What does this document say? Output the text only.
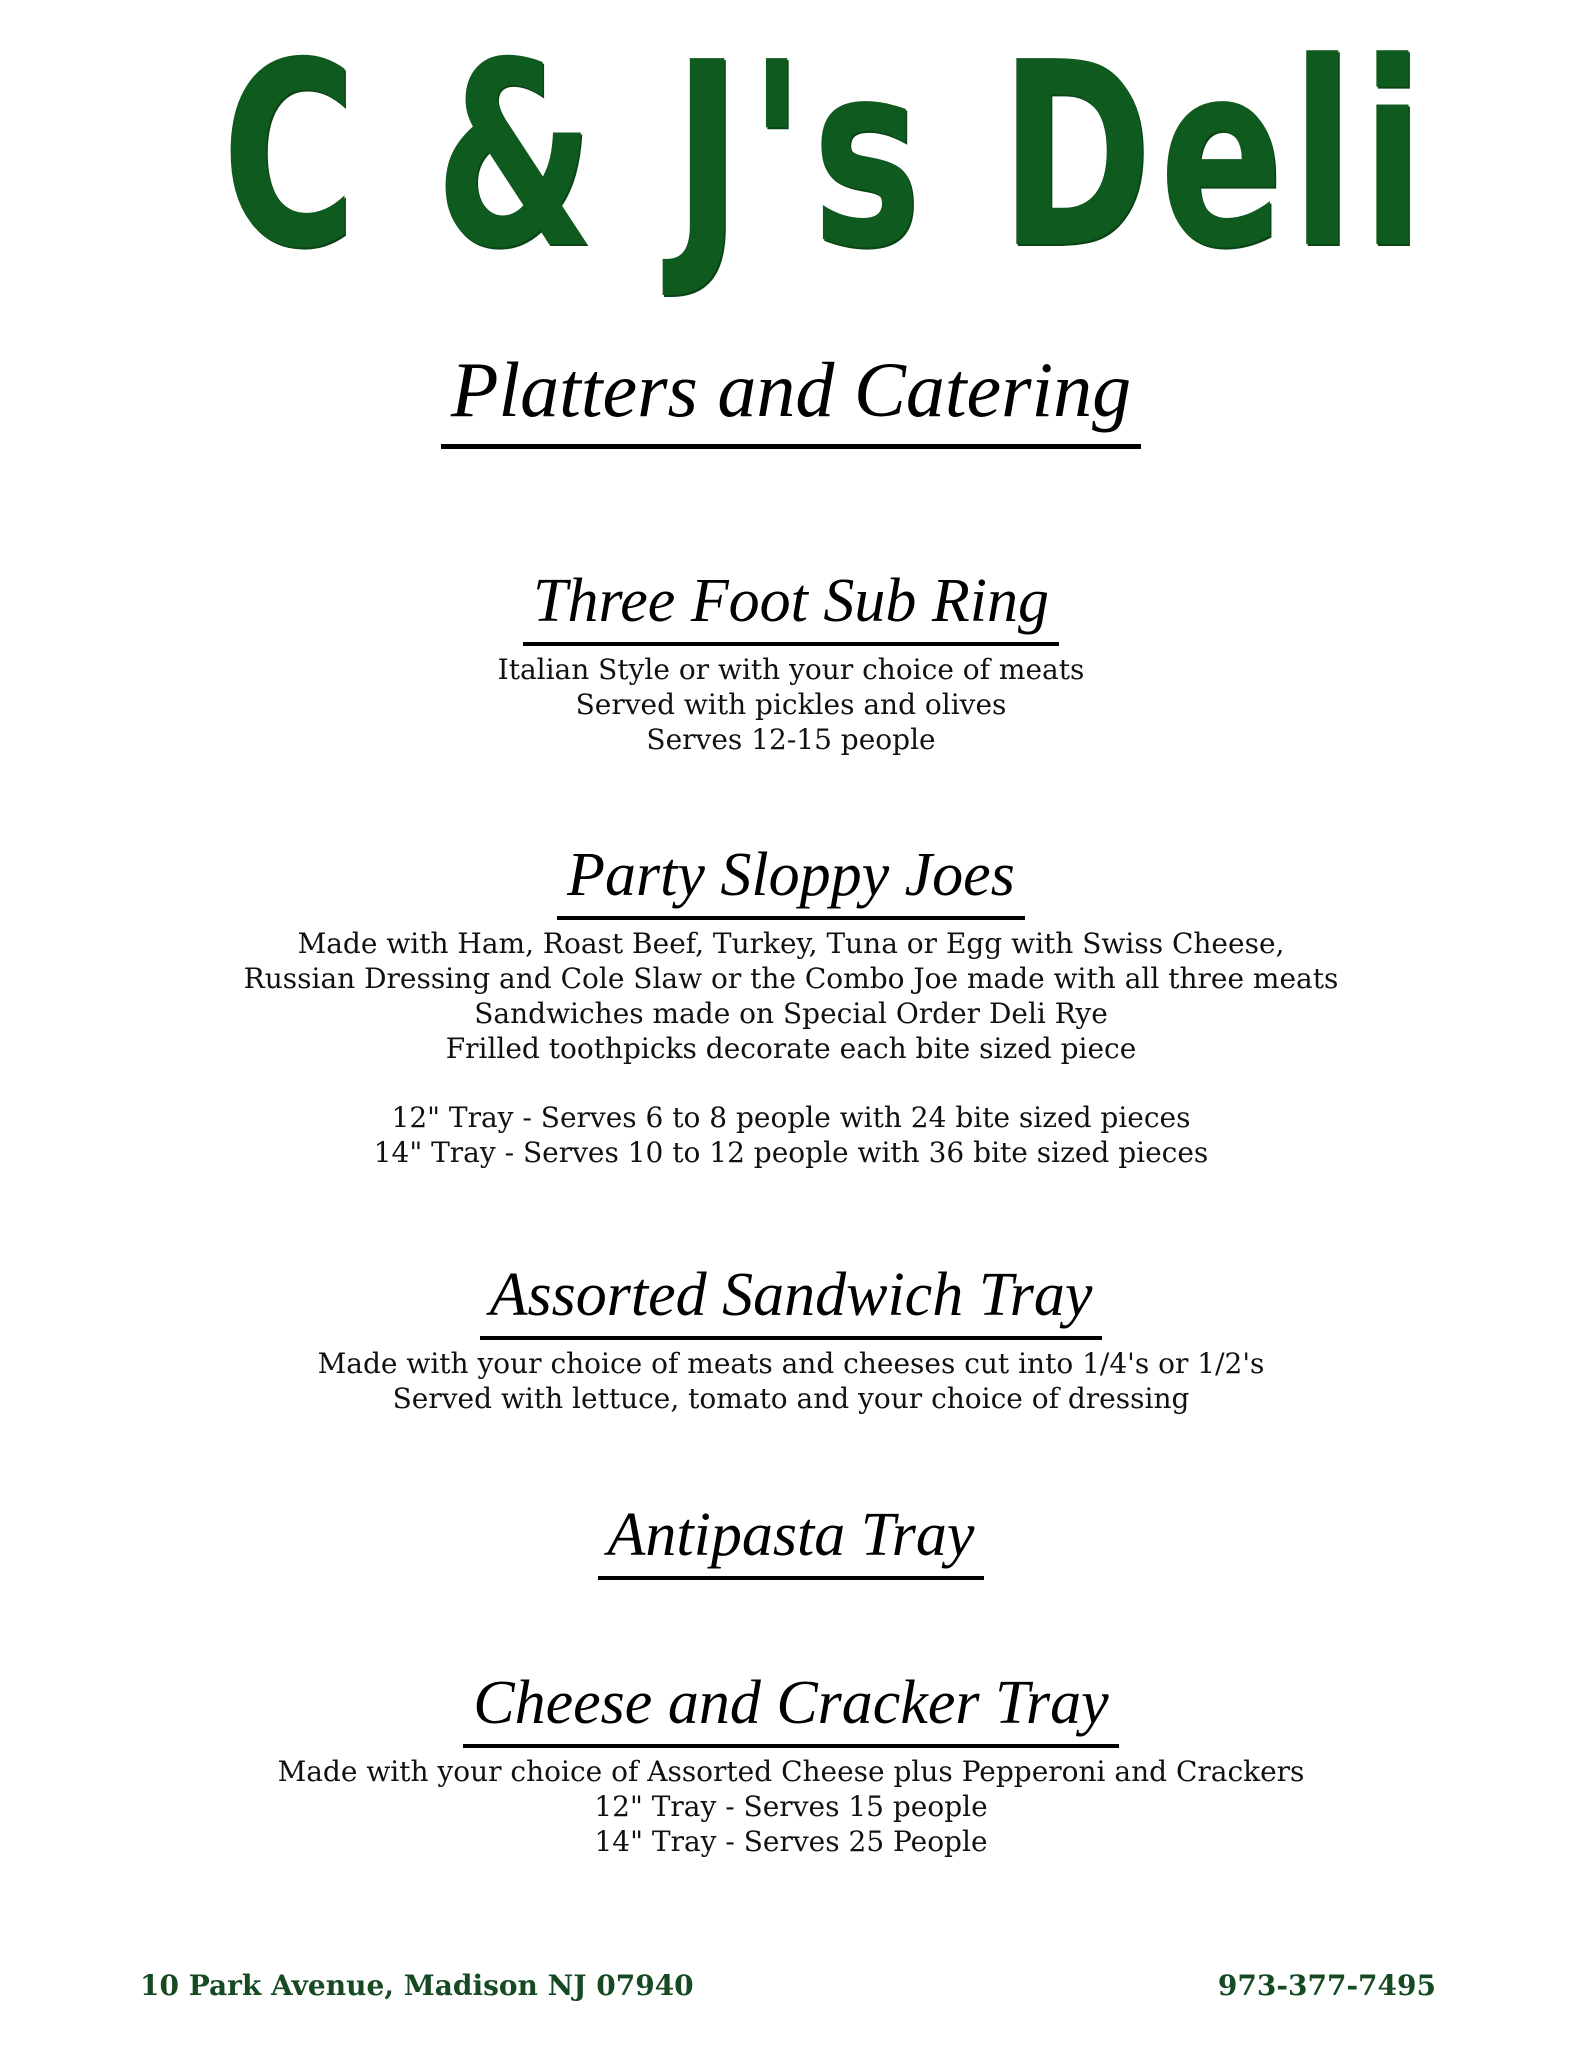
C & J's Deli
Platters and Catering
Three Foot Sub Ring
Italian Style or with your choice of meats
Served with pickles and olives
Serves 12-15 people
Party Sloppy Joes
Made with Ham, Roast Beef, Turkey, Tuna or Egg with Swiss Cheese,
Russian Dressing and Cole Slaw or the Combo Joe made with all three meats
Sandwiches made on Special Order Deli Rye
Frilled toothpicks decorate each bite sized piece
12" Tray - Serves 6 to 8 people with 24 bite sized pieces
14" Tray - Serves 10 to 12 people with 36 bite sized pieces
Assorted Sandwich Tray
Made with your choice of meats and cheeses cut into 1/4's or 1/2's
Served with lettuce, tomato and your choice of dressing
Antipasta Tray
Cheese and Cracker Tray
Made with your choice of Assorted Cheese plus Pepperoni and Crackers
12" Tray - Serves 15 people
14" Tray - Serves 25 People
10 Park Avenue, Madison NJ 07940	973-377-7495
